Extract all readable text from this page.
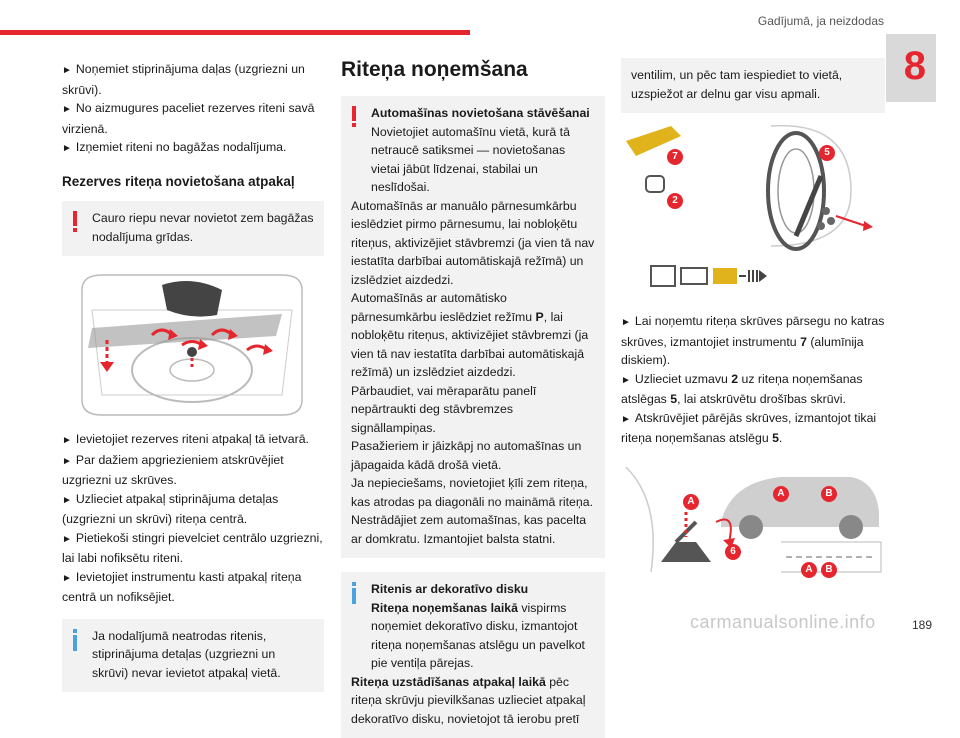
Gadījumā, ja neizdodas
8
► Noņemiet stiprinājuma daļas (uzgriezni un skrūvi).
► No aizmugures paceliet rezerves riteni savā virzienā.
► Izņemiet riteni no bagāžas nodalījuma.
Rezerves riteņa novietošana atpakaļ
Cauro riepu nevar novietot zem bagāžas nodalījuma grīdas.
► Ievietojiet rezerves riteni atpakaļ tā ietvarā.
► Par dažiem apgriezieniem atskrūvējiet uzgriezni uz skrūves.
► Uzlieciet atpakaļ stiprinājuma detaļas (uzgriezni un skrūvi) riteņa centrā.
► Pietiekoši stingri pievelciet centrālo uzgriezni, lai labi nofiksētu riteni.
► Ievietojiet instrumentu kasti atpakaļ riteņa centrā un nofiksējiet.
Ja nodalījumā neatrodas ritenis, stiprinājuma detaļas (uzgriezni un skrūvi) nevar ievietot atpakaļ vietā.
Riteņa noņemšana
Automašīnas novietošana stāvēšanai
Novietojiet automašīnu vietā, kurā tā netraucē satiksmei — novietošanas vietai jābūt līdzenai, stabilai un neslīdošai.
Automašīnās ar manuālo pārnesumkārbu ieslēdziet pirmo pārnesumu, lai nobloķētu riteņus, aktivizējiet stāvbremzi (ja vien tā nav iestatīta darbībai automātiskajā režīmā) un izslēdziet aizdedzi.
Automašīnās ar automātisko pārnesumkārbu ieslēdziet režīmu P, lai nobloķētu riteņus, aktivizējiet stāvbremzi (ja vien tā nav iestatīta darbībai automātiskajā režīmā) un izslēdziet aizdedzi.
Pārbaudiet, vai mēraparātu panelī nepārtraukti deg stāvbremzes signāllampiņas.
Pasažieriem ir jāizkāpj no automašīnas un jāpagaida kādā drošā vietā.
Ja nepieciešams, novietojiet ķīli zem riteņa, kas atrodas pa diagonāli no maināmā riteņa.
Nestrādājiet zem automašīnas, kas pacelta ar domkratu. Izmantojiet balsta statni.
Ritenis ar dekoratīvo disku
Riteņa noņemšanas laikā vispirms noņemiet dekoratīvo disku, izmantojot riteņa noņemšanas atslēgu un pavelkot pie ventiļa pārejas.
Riteņa uzstādīšanas atpakaļ laikā pēc riteņa skrūvju pievilkšanas uzlieciet atpakaļ dekoratīvo disku, novietojot tā ierobu pretī
ventilim, un pēc tam iespiediet to vietā, uzspiežot ar delnu gar visu apmali.
7	5
2
► Lai noņemtu riteņa skrūves pārsegu no katras skrūves, izmantojiet instrumentu 7 (alumīnija diskiem).
► Uzlieciet uzmavu 2 uz riteņa noņemšanas atslēgas 5, lai atskrūvētu drošības skrūvi.
► Atskrūvējiet pārējās skrūves, izmantojot tikai riteņa noņemšanas atslēgu 5.
A
A	B
6
A	B
189
carmanualsonline.info
